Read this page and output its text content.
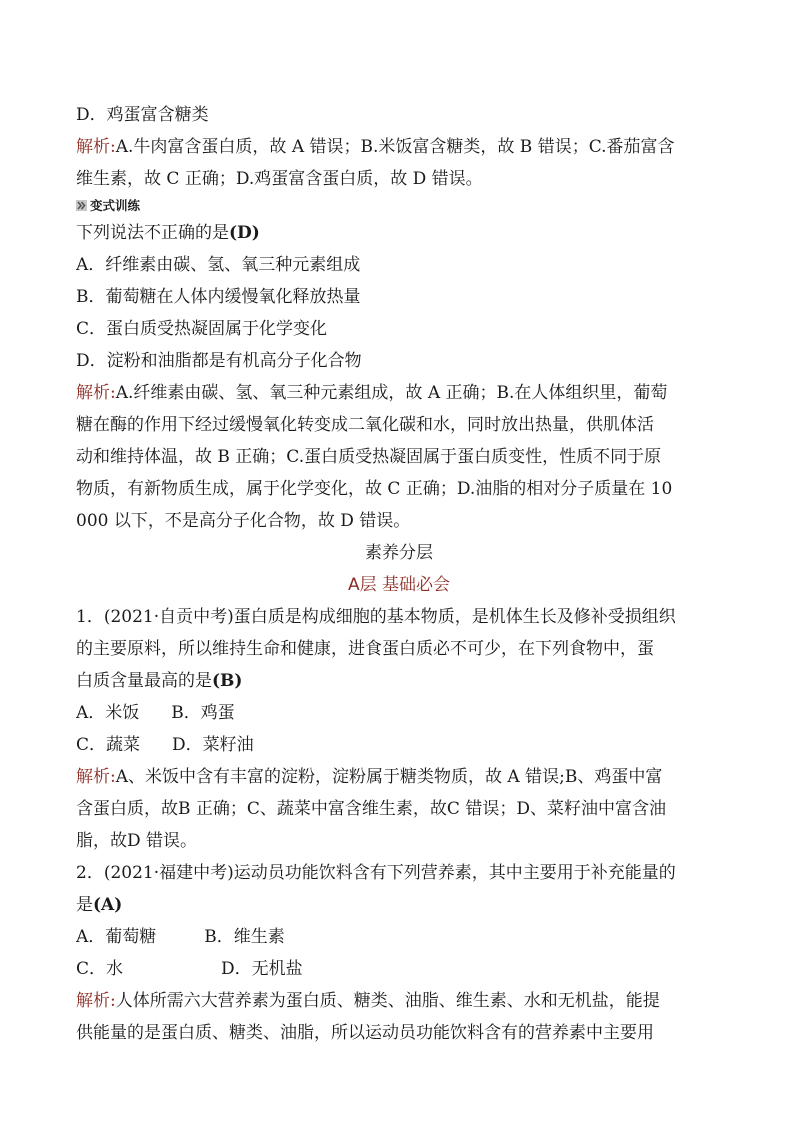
D．鸡蛋富含糖类
解析:A.牛肉富含蛋白质，故 A 错误；B.米饭富含糖类，故 B 错误；C.番茄富含
维生素，故 C 正确；D.鸡蛋富含蛋白质，故 D 错误。
变式训练
下列说法不正确的是(D)
A．纤维素由碳、氢、氧三种元素组成
B．葡萄糖在人体内缓慢氧化释放热量
C．蛋白质受热凝固属于化学变化
D．淀粉和油脂都是有机高分子化合物
解析:A.纤维素由碳、氢、氧三种元素组成，故 A 正确；B.在人体组织里，葡萄
糖在酶的作用下经过缓慢氧化转变成二氧化碳和水，同时放出热量，供肌体活
动和维持体温，故 B 正确；C.蛋白质受热凝固属于蛋白质变性，性质不同于原
物质，有新物质生成，属于化学变化，故 C 正确；D.油脂的相对分子质量在 10
000 以下，不是高分子化合物，故 D 错误。
素养分层
A层 基础必会
1．(2021·自贡中考)蛋白质是构成细胞的基本物质，是机体生长及修补受损组织
的主要原料，所以维持生命和健康，进食蛋白质必不可少，在下列食物中，蛋
白质含量最高的是(B)
A．米饭 B．鸡蛋
C．蔬菜 D．菜籽油
解析:A、米饭中含有丰富的淀粉，淀粉属于糖类物质，故 A 错误;B、鸡蛋中富
含蛋白质，故B 正确；C、蔬菜中富含维生素，故C 错误；D、菜籽油中富含油
脂，故D 错误。
2．(2021·福建中考)运动员功能饮料含有下列营养素，其中主要用于补充能量的
是(A)
A．葡萄糖	B．维生素
C．水	D．无机盐
解析:人体所需六大营养素为蛋白质、糖类、油脂、维生素、水和无机盐，能提
供能量的是蛋白质、糖类、油脂，所以运动员功能饮料含有的营养素中主要用
